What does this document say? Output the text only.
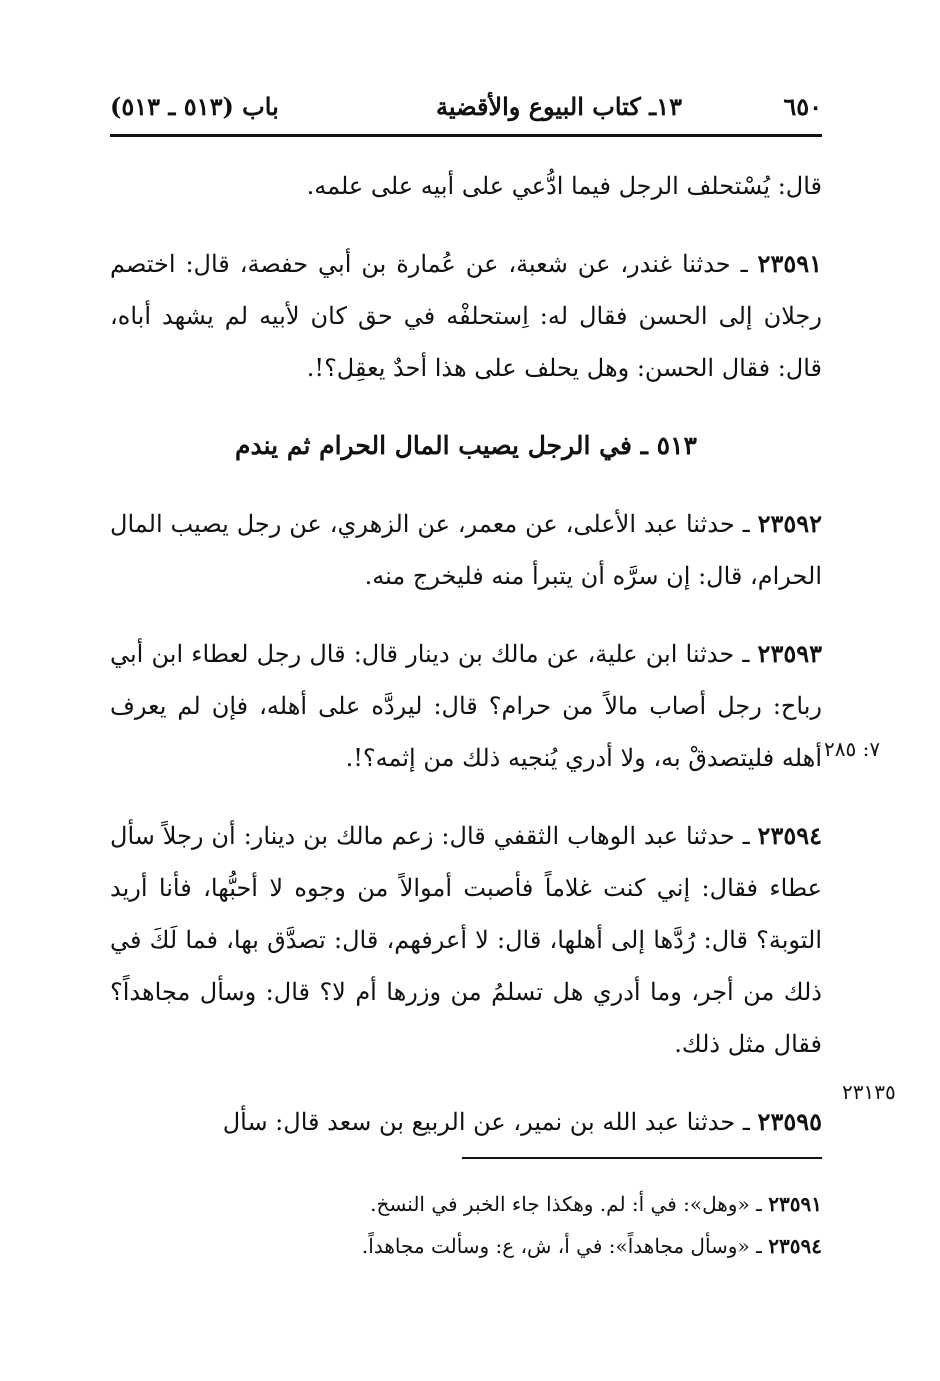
٦٥٠
١٣ـ كتاب البيوع والأقضية
باب (٥١٣ ـ ٥١٣)

قال: يُسْتحلف الرجل فيما ادُّعي على أبيه على علمه.

٢٣٥٩١ ـ حدثنا غندر، عن شعبة، عن عُمارة بن أبي حفصة، قال: اختصم رجلان إلى الحسن فقال له: اِستحلفْه في حق كان لأبيه لم يشهد أباه، قال: فقال الحسن: وهل يحلف على هذا أحدٌ يعقِل؟!.

٥١٣ ـ في الرجل يصيب المال الحرام ثم يندم

٢٣٥٩٢ ـ حدثنا عبد الأعلى، عن معمر، عن الزهري، عن رجل يصيب المال الحرام، قال: إن سرَّه أن يتبرأ منه فليخرج منه.

٢٣٥٩٣ ـ حدثنا ابن علية، عن مالك بن دينار قال: قال رجل لعطاء ابن أبي رباح: رجل أصاب مالاً من حرام؟ قال: ليردَّه على أهله، فإن لم يعرف أهله فليتصدقْ به، ولا أدري يُنجيه ذلك من إثمه؟!.

٢٣٥٩٤ ـ حدثنا عبد الوهاب الثقفي قال: زعم مالك بن دينار: أن رجلاً سأل عطاء فقال: إني كنت غلاماً فأصبت أموالاً من وجوه لا أحبُّها، فأنا أريد التوبة؟ قال: رُدَّها إلى أهلها، قال: لا أعرفهم، قال: تصدَّق بها، فما لَكَ في ذلك من أجر، وما أدري هل تسلمُ من وزرها أم لا؟ قال: وسأل مجاهداً؟ فقال مثل ذلك.

٢٣٥٩٥ ـ حدثنا عبد الله بن نمير، عن الربيع بن سعد قال: سأل

٧: ٢٨٥
٢٣١٣٥

٢٣٥٩١ ـ «وهل»: في أ: لم. وهكذا جاء الخبر في النسخ.

٢٣٥٩٤ ـ «وسأل مجاهداً»: في أ، ش، ع: وسألت مجاهداً.
